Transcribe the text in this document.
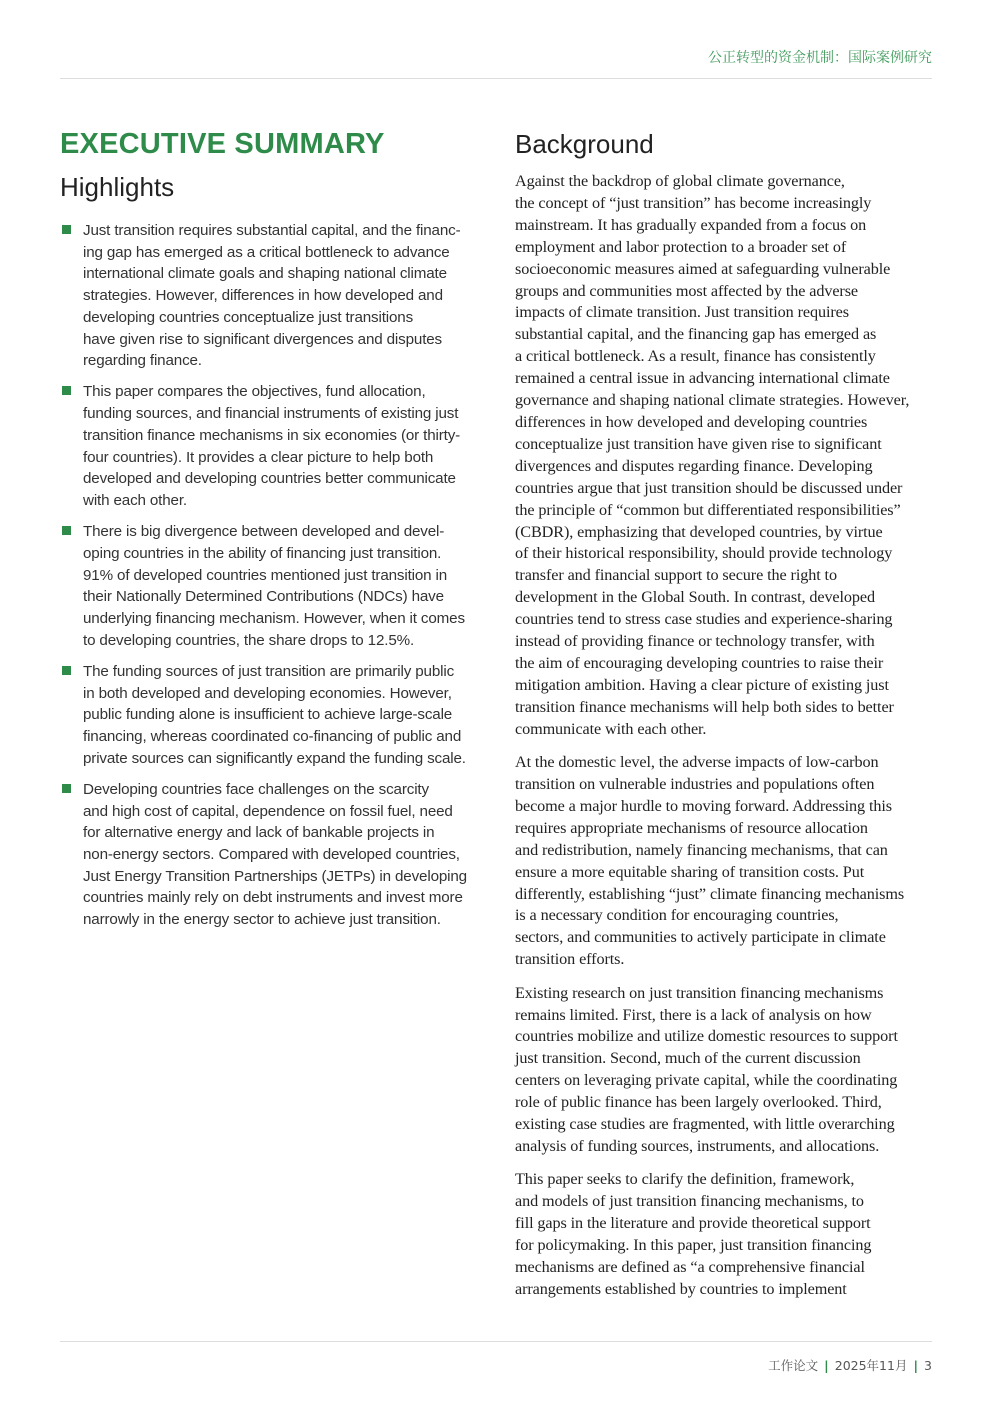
公正转型的资金机制：国际案例研究
EXECUTIVE SUMMARY
Highlights
Just transition requires substantial capital, and the financ-
ing gap has emerged as a critical bottleneck to advance
international climate goals and shaping national climate
strategies. However, differences in how developed and
developing countries conceptualize just transitions
have given rise to significant divergences and disputes
regarding finance.
This paper compares the objectives, fund allocation,
funding sources, and financial instruments of existing just
transition finance mechanisms in six economies (or thirty-
four countries). It provides a clear picture to help both
developed and developing countries better communicate
with each other.
There is big divergence between developed and devel-
oping countries in the ability of financing just transition.
91% of developed countries mentioned just transition in
their Nationally Determined Contributions (NDCs) have
underlying financing mechanism. However, when it comes
to developing countries, the share drops to 12.5%.
The funding sources of just transition are primarily public
in both developed and developing economies. However,
public funding alone is insufficient to achieve large-scale
financing, whereas coordinated co-financing of public and
private sources can significantly expand the funding scale.
Developing countries face challenges on the scarcity
and high cost of capital, dependence on fossil fuel, need
for alternative energy and lack of bankable projects in
non-energy sectors. Compared with developed countries,
Just Energy Transition Partnerships (JETPs) in developing
countries mainly rely on debt instruments and invest more
narrowly in the energy sector to achieve just transition.
Background
Against the backdrop of global climate governance,
the concept of “just transition” has become increasingly
mainstream. It has gradually expanded from a focus on
employment and labor protection to a broader set of
socioeconomic measures aimed at safeguarding vulnerable
groups and communities most affected by the adverse
impacts of climate transition. Just transition requires
substantial capital, and the financing gap has emerged as
a critical bottleneck. As a result, finance has consistently
remained a central issue in advancing international climate
governance and shaping national climate strategies. However,
differences in how developed and developing countries
conceptualize just transition have given rise to significant
divergences and disputes regarding finance. Developing
countries argue that just transition should be discussed under
the principle of “common but differentiated responsibilities”
(CBDR), emphasizing that developed countries, by virtue
of their historical responsibility, should provide technology
transfer and financial support to secure the right to
development in the Global South. In contrast, developed
countries tend to stress case studies and experience-sharing
instead of providing finance or technology transfer, with
the aim of encouraging developing countries to raise their
mitigation ambition. Having a clear picture of existing just
transition finance mechanisms will help both sides to better
communicate with each other.
At the domestic level, the adverse impacts of low-carbon
transition on vulnerable industries and populations often
become a major hurdle to moving forward. Addressing this
requires appropriate mechanisms of resource allocation
and redistribution, namely financing mechanisms, that can
ensure a more equitable sharing of transition costs. Put
differently, establishing “just” climate financing mechanisms
is a necessary condition for encouraging countries,
sectors, and communities to actively participate in climate
transition efforts.
Existing research on just transition financing mechanisms
remains limited. First, there is a lack of analysis on how
countries mobilize and utilize domestic resources to support
just transition. Second, much of the current discussion
centers on leveraging private capital, while the coordinating
role of public finance has been largely overlooked. Third,
existing case studies are fragmented, with little overarching
analysis of funding sources, instruments, and allocations.
This paper seeks to clarify the definition, framework,
and models of just transition financing mechanisms, to
fill gaps in the literature and provide theoretical support
for policymaking. In this paper, just transition financing
mechanisms are defined as “a comprehensive financial
arrangements established by countries to implement
工作论文 | 2025年11月 | 3
